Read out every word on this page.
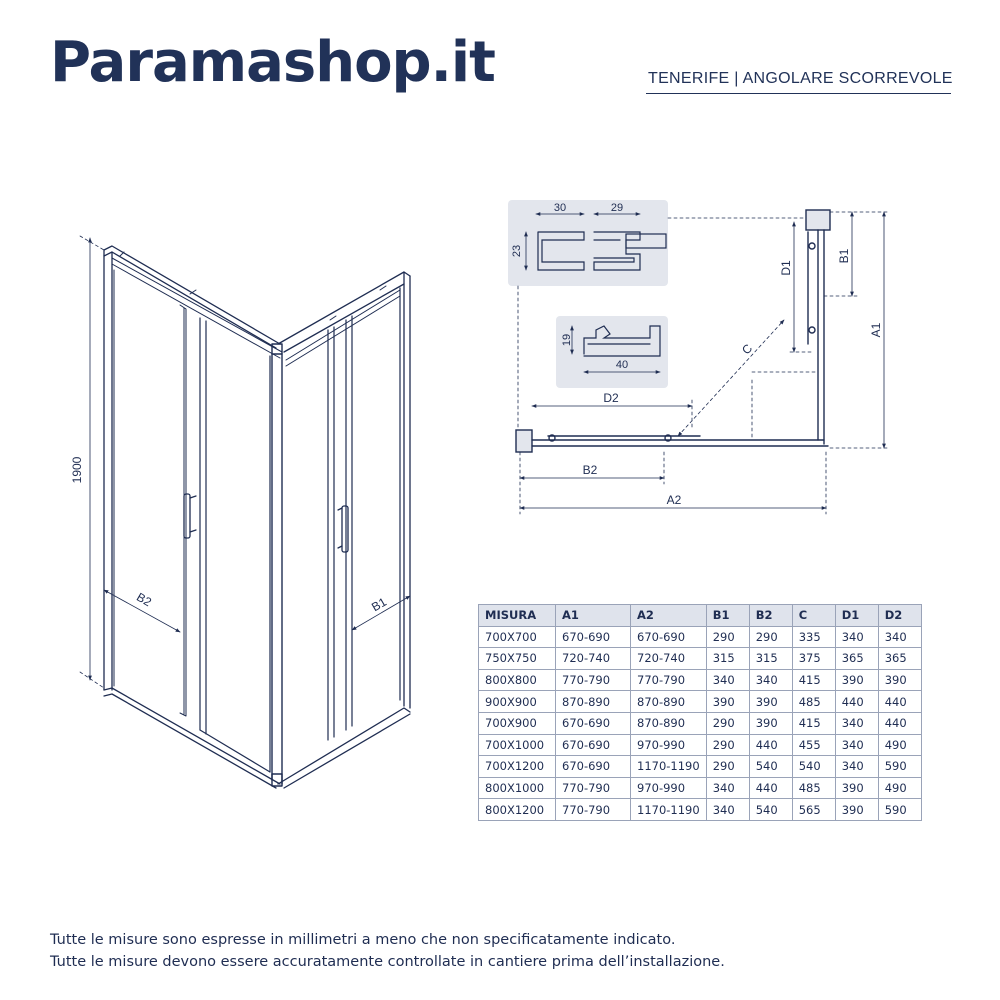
Paramashop.it	TENERIFE | ANGOLARE SCORREVOLE
1900
B2	B1
30	29
23
19
40
D2
C
B2
A2
D1
B1
A1
MISURA	A1	A2	B1	B2	C	D1	D2
700X700	670-690	670-690	290	290	335	340	340
750X750	720-740	720-740	315	315	375	365	365
800X800	770-790	770-790	340	340	415	390	390
900X900	870-890	870-890	390	390	485	440	440
700X900	670-690	870-890	290	390	415	340	440
700X1000	670-690	970-990	290	440	455	340	490
700X1200	670-690	1170-1190	290	540	540	340	590
800X1000	770-790	970-990	340	440	485	390	490
800X1200	770-790	1170-1190	340	540	565	390	590
Tutte le misure sono espresse in millimetri a meno che non specificatamente indicato.
Tutte le misure devono essere accuratamente controllate in cantiere prima dell’installazione.
